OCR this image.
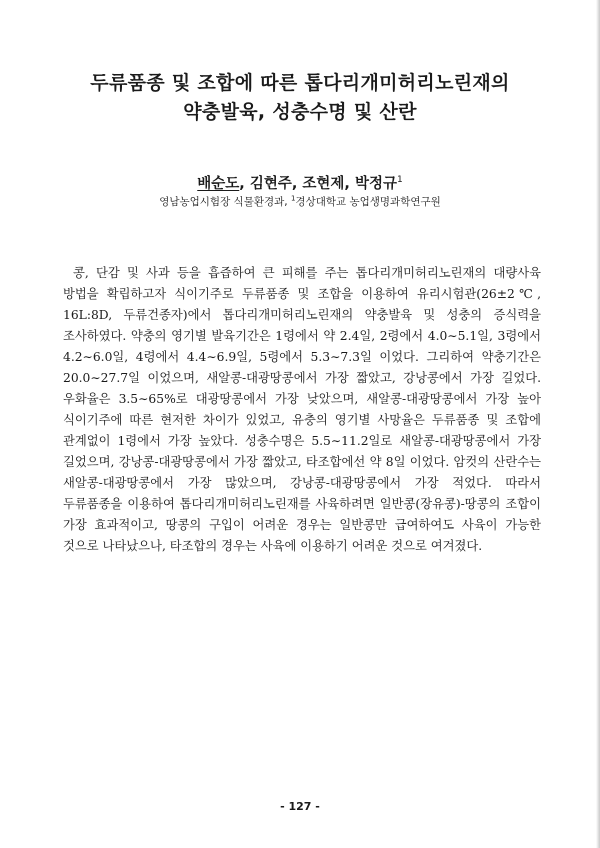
두류품종 및 조합에 따른 톱다리개미허리노린재의
약충발육, 성충수명 및 산란

배순도, 김현주, 조현제, 박정규$^1$

영남농업시험장 식물환경과, $^1$경상대학교 농업생명과학연구원

콩, 단감 및 사과 등을 흡즙하여 큰 피해를 주는 톱다리개미허리노린재의 대량사육 방법을 확립하고자 식이기주로 두류품종 및 조합을 이용하여 유리시험관(26±2℃, 16L:8D, 두류건종자)에서 톱다리개미허리노린재의 약충발육 및 성충의 증식력을 조사하였다. 약충의 영기별 발육기간은 1령에서 약 2.4일, 2령에서 4.0∼5.1일, 3령에서 4.2∼6.0일, 4령에서 4.4∼6.9일, 5령에서 5.3∼7.3일 이었다. 그리하여 약충기간은 20.0∼27.7일 이었으며, 새알콩-대광땅콩에서 가장 짧았고, 강낭콩에서 가장 길었다. 우화율은 3.5∼65%로 대광땅콩에서 가장 낮았으며, 새알콩-대광땅콩에서 가장 높아 식이기주에 따른 현저한 차이가 있었고, 유충의 영기별 사망율은 두류품종 및 조합에 관계없이 1령에서 가장 높았다. 성충수명은 5.5∼11.2일로 새알콩-대광땅콩에서 가장 길었으며, 강낭콩-대광땅콩에서 가장 짧았고, 타조합에선 약 8일 이었다. 암컷의 산란수는 새알콩-대광땅콩에서 가장 많았으며, 강낭콩-대광땅콩에서 가장 적었다. 따라서 두류품종을 이용하여 톱다리개미허리노린재를 사육하려면 일반콩(장유콩)-땅콩의 조합이 가장 효과적이고, 땅콩의 구입이 어려운 경우는 일반콩만 급여하여도 사육이 가능한 것으로 나타났으나, 타조합의 경우는 사육에 이용하기 어려운 것으로 여겨졌다.

- 127 -
